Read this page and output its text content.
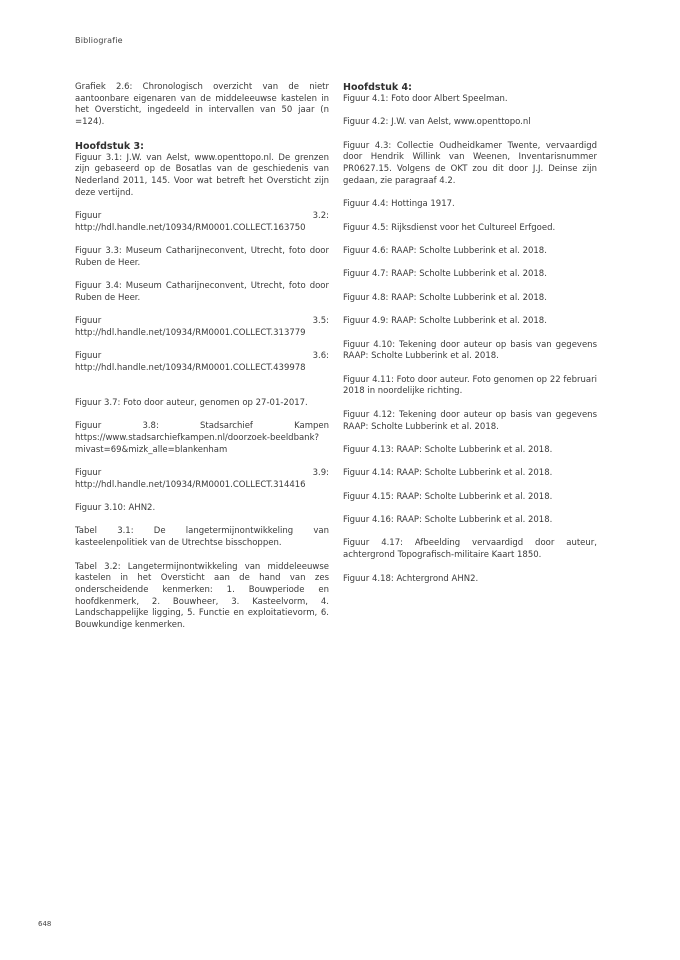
Bibliografie

Grafiek 2.6: Chronologisch overzicht van de nietr aantoonbare eigenaren van de middeleeuwse kastelen in het Oversticht, ingedeeld in intervallen van 50 jaar (n =124).

Hoofdstuk 3:

Figuur 3.1: J.W. van Aelst, www.openttopo.nl. De grenzen zijn gebaseerd op de Bosatlas van de geschiedenis van Nederland 2011, 145. Voor wat betreft het Oversticht zijn deze vertijnd.

Figuur 3.2: http://hdl.handle.net/10934/RM0001.COLLECT.163750

Figuur 3.3: Museum Catharijneconvent, Utrecht, foto door Ruben de Heer.

Figuur 3.4: Museum Catharijneconvent, Utrecht, foto door Ruben de Heer.

Figuur 3.5: http://hdl.handle.net/10934/RM0001.COLLECT.313779

Figuur 3.6: http://hdl.handle.net/10934/RM0001.COLLECT.439978

Figuur 3.7: Foto door auteur, genomen op 27-01-2017.

Figuur 3.8: Stadsarchief Kampen https://www.stadsarchiefkampen.nl/doorzoek-beeldbank?mivast=69&mizk_alle=blankenham

Figuur 3.9: http://hdl.handle.net/10934/RM0001.COLLECT.314416

Figuur 3.10: AHN2.

Tabel 3.1: De langetermijnontwikkeling van kasteelenpolitiek van de Utrechtse bisschoppen.

Tabel 3.2: Langetermijnontwikkeling van middeleeuwse kastelen in het Oversticht aan de hand van zes onderscheidende kenmerken: 1. Bouwperiode en hoofdkenmerk, 2. Bouwheer, 3. Kasteelvorm, 4. Landschappelijke ligging, 5. Functie en exploitatievorm, 6. Bouwkundige kenmerken.

Hoofdstuk 4:

Figuur 4.1: Foto door Albert Speelman.

Figuur 4.2: J.W. van Aelst, www.openttopo.nl

Figuur 4.3: Collectie Oudheidkamer Twente, vervaardigd door Hendrik Willink van Weenen, Inventarisnummer PR0627.15. Volgens de OKT zou dit door J.J. Deinse zijn gedaan, zie paragraaf 4.2.

Figuur 4.4: Hottinga 1917.

Figuur 4.5: Rijksdienst voor het Cultureel Erfgoed.

Figuur 4.6: RAAP: Scholte Lubberink et al. 2018.

Figuur 4.7: RAAP: Scholte Lubberink et al. 2018.

Figuur 4.8: RAAP: Scholte Lubberink et al. 2018.

Figuur 4.9: RAAP: Scholte Lubberink et al. 2018.

Figuur 4.10: Tekening door auteur op basis van gegevens RAAP: Scholte Lubberink et al. 2018.

Figuur 4.11: Foto door auteur. Foto genomen op 22 februari 2018 in noordelijke richting.

Figuur 4.12: Tekening door auteur op basis van gegevens RAAP: Scholte Lubberink et al. 2018.

Figuur 4.13: RAAP: Scholte Lubberink et al. 2018.

Figuur 4.14: RAAP: Scholte Lubberink et al. 2018.

Figuur 4.15: RAAP: Scholte Lubberink et al. 2018.

Figuur 4.16: RAAP: Scholte Lubberink et al. 2018.

Figuur 4.17: Afbeelding vervaardigd door auteur, achtergrond Topografisch-militaire Kaart 1850.

Figuur 4.18: Achtergrond AHN2.

648
